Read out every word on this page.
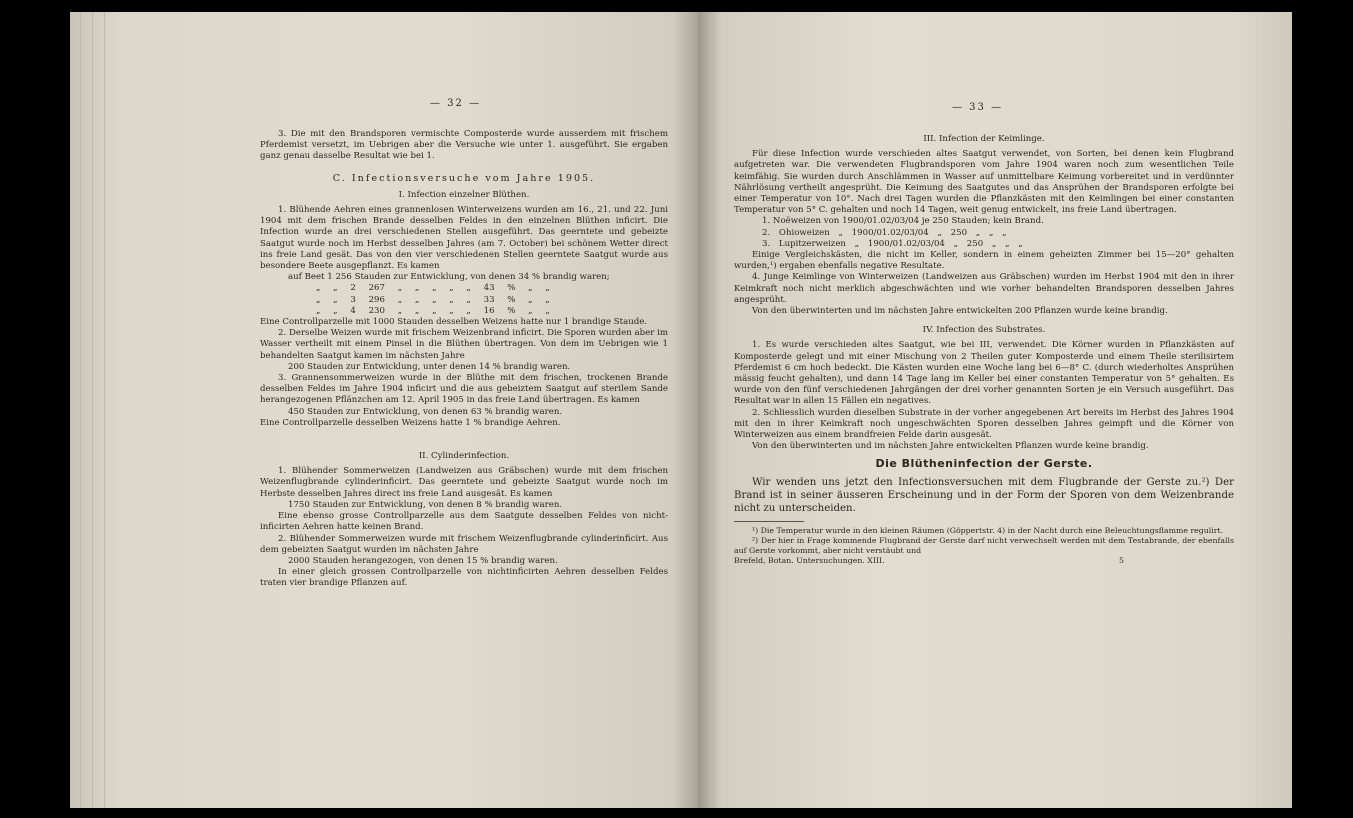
— 32 —

3. Die mit den Brandsporen vermischte Composterde wurde ausserdem mit frischem Pferdemist versetzt, im Uebrigen aber die Versuche wie unter 1. ausgeführt. Sie ergaben ganz genau dasselbe Resultat wie bei 1.

C. Infectionsversuche vom Jahre 1905.
I. Infection einzelner Blüthen.

1. Blühende Aehren eines grannenlosen Winterweizens wurden am 16., 21. und 22. Juni 1904 mit dem frischen Brande desselben Feldes in den einzelnen Blüthen inficirt. Die Infection wurde an drei verschiedenen Stellen ausgeführt. Das geerntete und gebeizte Saatgut wurde noch im Herbst desselben Jahres (am 7. October) bei schönem Wetter direct ins freie Land gesät. Das von den vier verschiedenen Stellen geerntete Saatgut wurde aus besondere Beete ausgepflanzt. Es kamen

auf Beet 1 256 Stauden zur Entwicklung, von denen 34 % brandig waren;

„ „ 2 267 „ „ „ „ „ 43 % „ „

„ „ 3 296 „ „ „ „ „ 33 % „ „

„ „ 4 230 „ „ „ „ „ 16 % „ „

Eine Controllparzelle mit 1000 Stauden desselben Weizens hatte nur 1 brandige Staude.

2. Derselbe Weizen wurde mit frischem Weizenbrand inficirt. Die Sporen wurden aber im Wasser vertheilt mit einem Pinsel in die Blüthen übertragen. Von dem im Uebrigen wie 1 behandelten Saatgut kamen im nächsten Jahre

200 Stauden zur Entwicklung, unter denen 14 % brandig waren.

3. Grannensommerweizen wurde in der Blüthe mit dem frischen, trockenen Brande desselben Feldes im Jahre 1904 inficirt und die aus gebeiztem Saatgut auf sterilem Sande herangezogenen Pflänzchen am 12. April 1905 in das freie Land übertragen. Es kamen

450 Stauden zur Entwicklung, von denen 63 % brandig waren.

Eine Controllparzelle desselben Weizens hatte 1 % brandige Aehren.

II. Cylinderinfection.

1. Blühender Sommerweizen (Landweizen aus Gräbschen) wurde mit dem frischen Weizenflugbrande cylinderinficirt. Das geerntete und gebeizte Saatgut wurde noch im Herbste desselben Jahres direct ins freie Land ausgesät. Es kamen

1750 Stauden zur Entwicklung, von denen 8 % brandig waren.

Eine ebenso grosse Controllparzelle aus dem Saatgute desselben Feldes von nicht-inficirten Aehren hatte keinen Brand.

2. Blühender Sommerweizen wurde mit frischem Weizenflugbrande cylinderinficirt. Aus dem gebeizten Saatgut wurden im nächsten Jahre

2000 Stauden herangezogen, von denen 15 % brandig waren.

In einer gleich grossen Controllparzelle von nichtinficirten Aehren desselben Feldes traten vier brandige Pflanzen auf.

— 33 —
III. Infection der Keimlinge.

Für diese Infection wurde verschieden altes Saatgut verwendet, von Sorten, bei denen kein Flugbrand aufgetreten war. Die verwendeten Flugbrandsporen vom Jahre 1904 waren noch zum wesentlichen Teile keimfähig. Sie wurden durch Anschlämmen in Wasser auf unmittelbare Keimung vorbereitet und in verdünnter Nährlösung vertheilt angesprüht. Die Keimung des Saatgutes und das Ansprühen der Brandsporen erfolgte bei einer Temperatur von 10°. Nach drei Tagen wurden die Pflanzkästen mit den Keimlingen bei einer constanten Temperatur von 5° C. gehalten und noch 14 Tagen, weit genug entwickelt, ins freie Land übertragen.

1. Noëweizen von 1900/01.02/03/04 je 250 Stauden; kein Brand.

2. Ohioweizen „ 1900/01.02/03/04 „ 250 „ „ „

3. Lupitzerweizen „ 1900/01.02/03/04 „ 250 „ „ „

Einige Vergleichskästen, die nicht im Keller, sondern in einem geheizten Zimmer bei 15—20° gehalten wurden,¹) ergaben ebenfalls negative Resultate.

4. Junge Keimlinge von Winterweizen (Landweizen aus Gräbschen) wurden im Herbst 1904 mit den in ihrer Keimkraft noch nicht merklich abgeschwächten und wie vorher behandelten Brandsporen desselben Jahres angesprüht.

Von den überwinterten und im nächsten Jahre entwickelten 200 Pflanzen wurde keine brandig.

IV. Infection des Substrates.

1. Es wurde verschieden altes Saatgut, wie bei III, verwendet. Die Körner wurden in Pflanzkästen auf Komposterde gelegt und mit einer Mischung von 2 Theilen guter Komposterde und einem Theile sterilisirtem Pferdemist 6 cm hoch bedeckt. Die Kästen wurden eine Woche lang bei 6—8° C. (durch wiederholtes Ansprühen mässig feucht gehalten), und dann 14 Tage lang im Keller bei einer constanten Temperatur von 5° gehalten. Es wurde von den fünf verschiedenen Jahrgängen der drei vorher genannten Sorten je ein Versuch ausgeführt. Das Resultat war in allen 15 Fällen ein negatives.

2. Schliesslich wurden dieselben Substrate in der vorher angegebenen Art bereits im Herbst des Jahres 1904 mit den in ihrer Keimkraft noch ungeschwächten Sporen desselben Jahres geimpft und die Körner von Winterweizen aus einem brandfreien Felde darin ausgesät.

Von den überwinterten und im nächsten Jahre entwickelten Pflanzen wurde keine brandig.

Die Blütheninfection der Gerste.

Wir wenden uns jetzt den Infectionsversuchen mit dem Flugbrande der Gerste zu.²) Der Brand ist in seiner äusseren Erscheinung und in der Form der Sporen von dem Weizenbrande nicht zu unterscheiden.

¹) Die Temperatur wurde in den kleinen Räumen (Göppertstr. 4) in der Nacht durch eine Beleuchtungsflamme regulirt.

²) Der hier in Frage kommende Flugbrand der Gerste darf nicht verwechselt werden mit dem Testabrande, der ebenfalls auf Gerste vorkommt, aber nicht verstäubt und

Brefeld, Botan. Untersuchungen. XIII.	5
